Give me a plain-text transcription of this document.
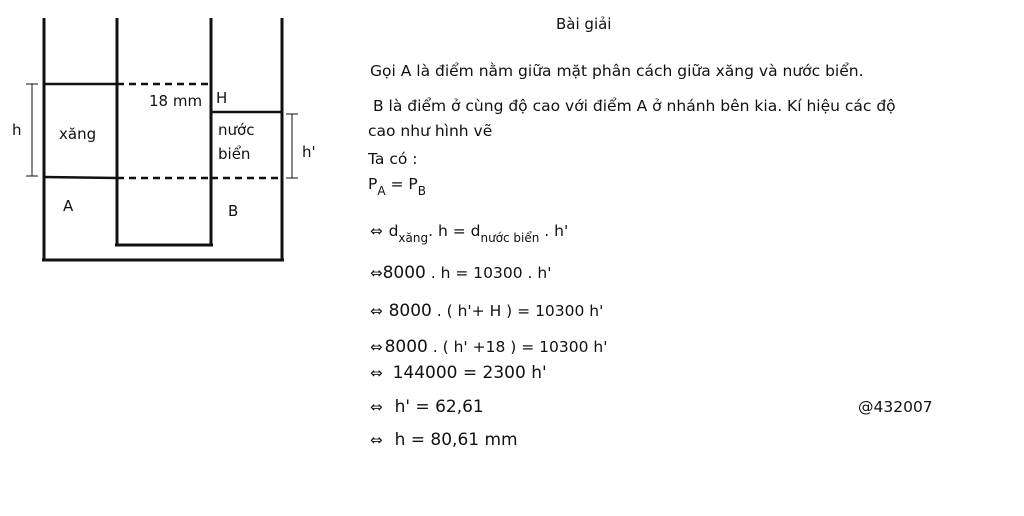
h xăng
18 mm H
nước
biển	h'
A	B
Bài giải
Gọi A là điểm nằm giữa mặt phân cách giữa xăng và nước biển.
B là điểm ở cùng độ cao với điểm A ở nhánh bên kia. Kí hiệu các độ
cao như hình vẽ
Ta có :
$P_A = P_B$
⇔ $d_{xăng}$. $h = d_{nước biển}$ . h'
⇔8000 . h = 10300 . h'
⇔ 8000 . ( h'+ H ) = 10300 h'
⇔ 8000 . ( h' +18 ) = 10300 h'
⇔ 144000 = 2300 h'
⇔ h' = 62,61
⇔ h = 80,61 mm
@432007
